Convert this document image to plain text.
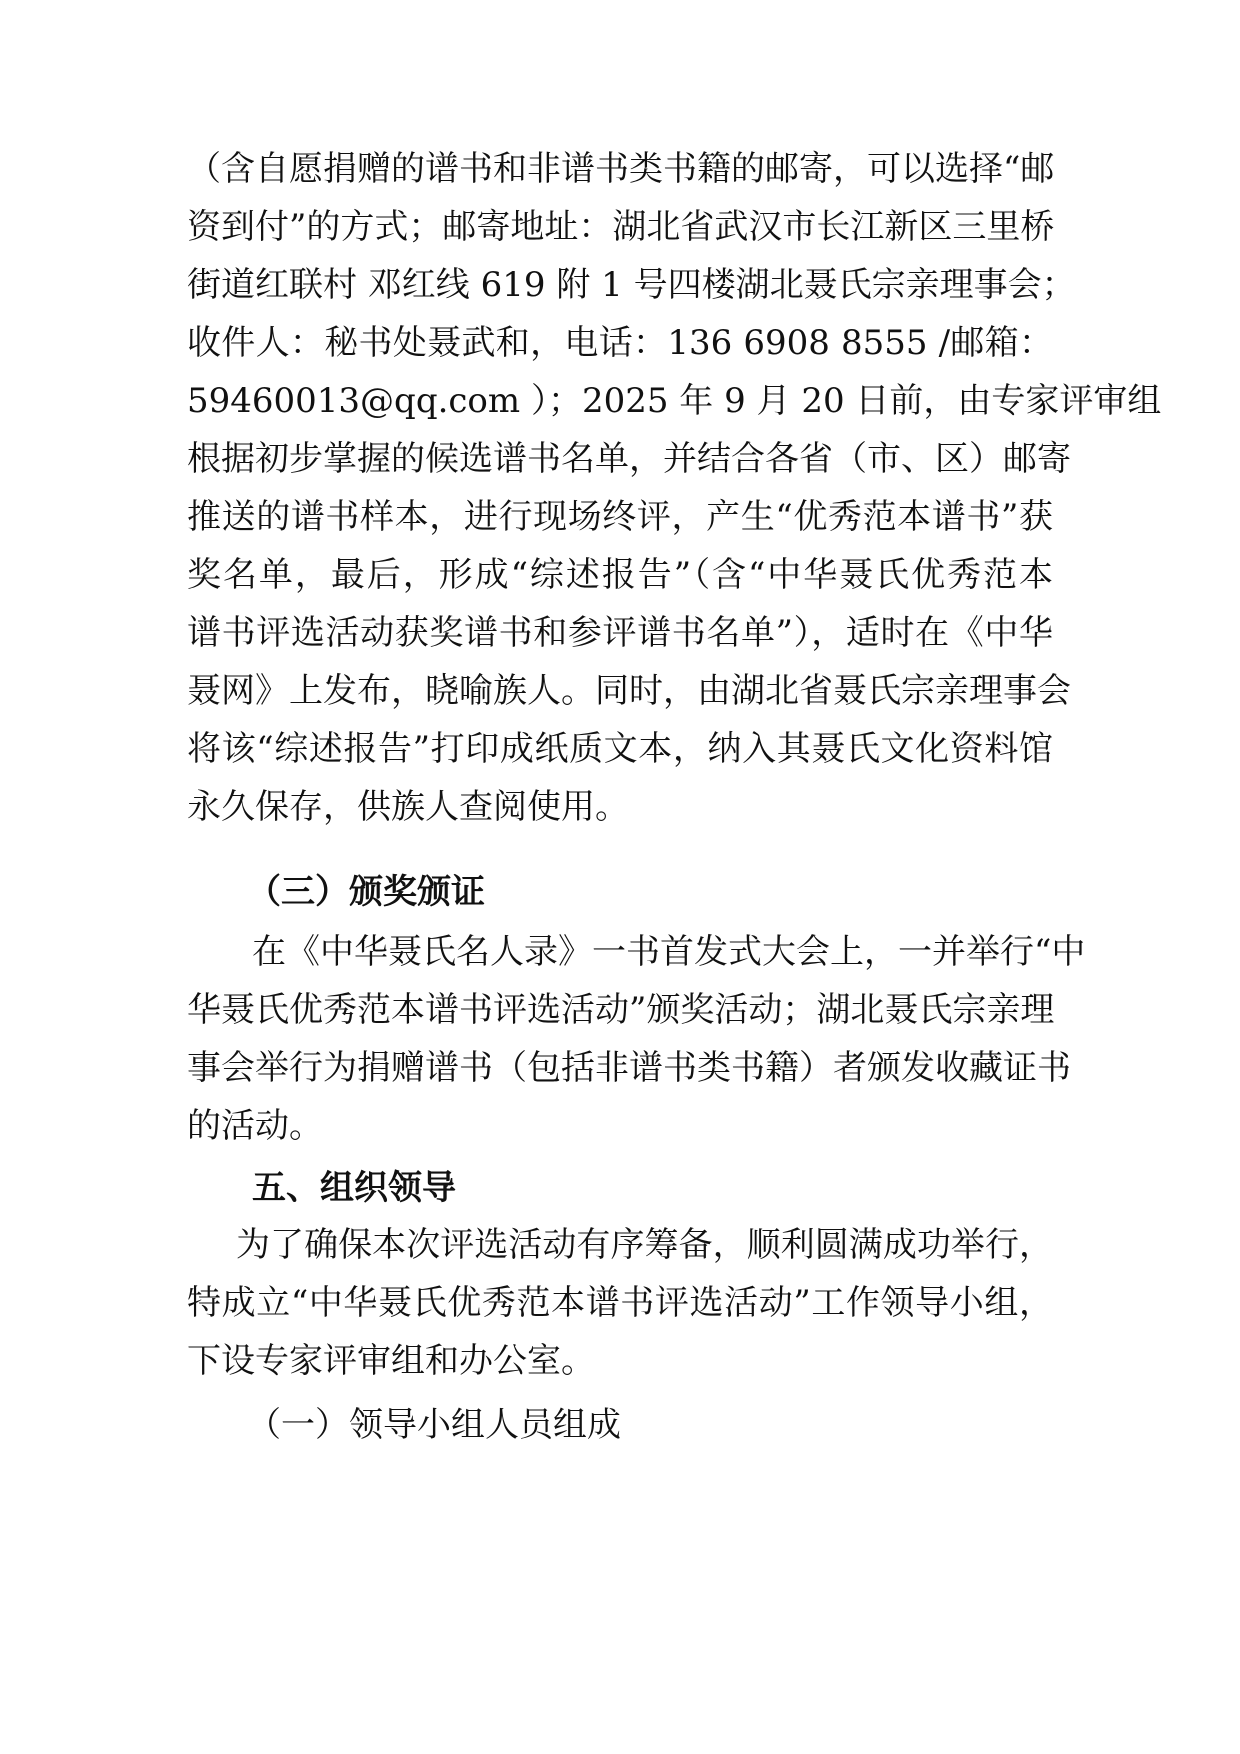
（含自愿捐赠的谱书和非谱书类书籍的邮寄，可以选择“邮
资到付”的方式；邮寄地址：湖北省武汉市长江新区三里桥
街道红联村 邓红线 619 附 1 号四楼湖北聂氏宗亲理事会；
收件人：秘书处聂武和，电话：136 6908 8555 /邮箱：
59460013@qq.com ）；2025 年 9 月 20 日前，由专家评审组
根据初步掌握的候选谱书名单，并结合各省（市、区）邮寄
推送的谱书样本，进行现场终评，产生“优秀范本谱书”获
奖名单，最后，形成“综述报告”（含“中华聂氏优秀范本
谱书评选活动获奖谱书和参评谱书名单”），适时在《中华
聂网》上发布，晓喻族人。同时，由湖北省聂氏宗亲理事会
将该“综述报告”打印成纸质文本，纳入其聂氏文化资料馆
永久保存，供族人查阅使用。
（三）颁奖颁证
在《中华聂氏名人录》一书首发式大会上，一并举行“中
华聂氏优秀范本谱书评选活动”颁奖活动；湖北聂氏宗亲理
事会举行为捐赠谱书（包括非谱书类书籍）者颁发收藏证书
的活动。
五、组织领导
为了确保本次评选活动有序筹备，顺利圆满成功举行，
特成立“中华聂氏优秀范本谱书评选活动”工作领导小组，
下设专家评审组和办公室。
（一）领导小组人员组成
